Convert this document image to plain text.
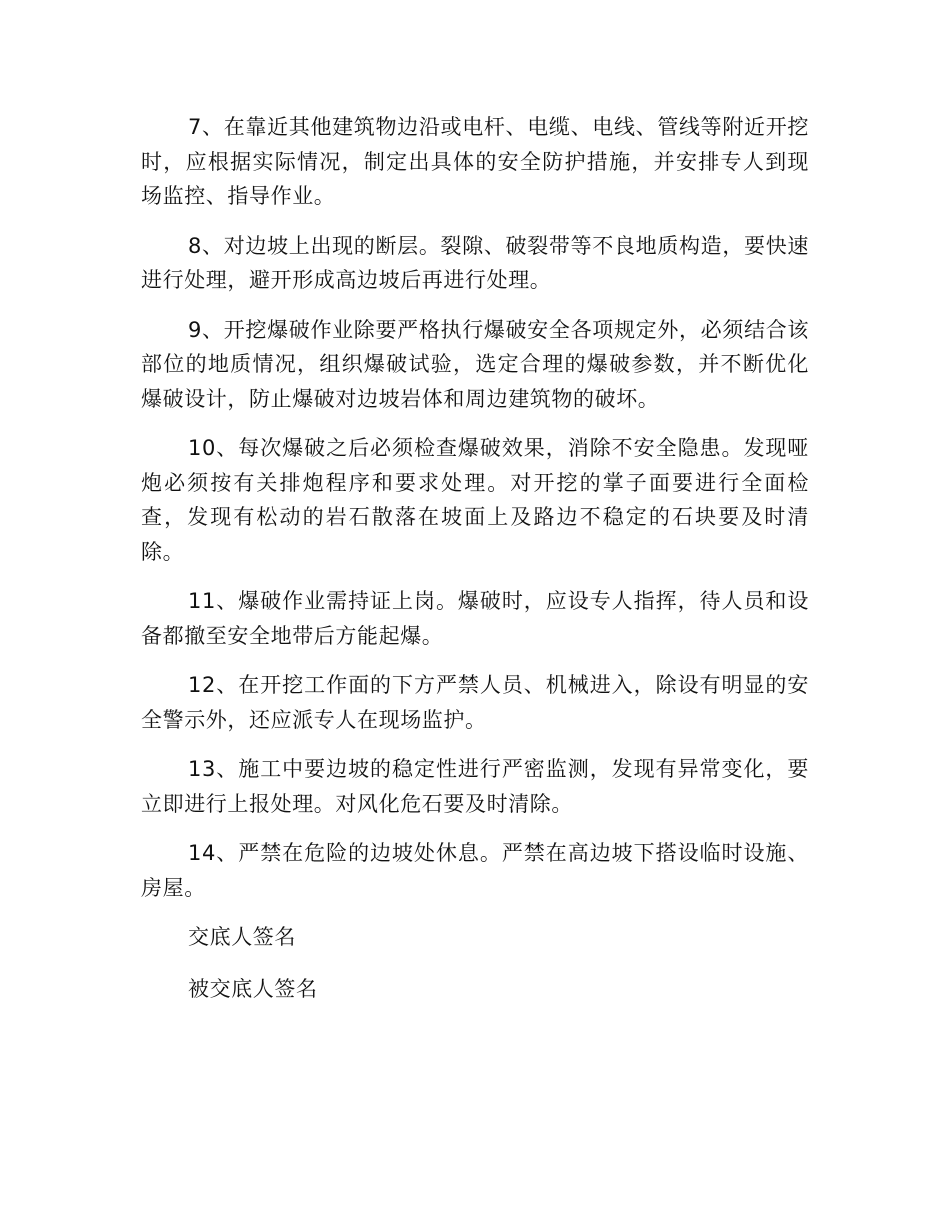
7、在靠近其他建筑物边沿或电杆、电缆、电线、管线等附近开挖时，应根据实际情况，制定出具体的安全防护措施，并安排专人到现场监控、指导作业。

8、对边坡上出现的断层。裂隙、破裂带等不良地质构造，要快速进行处理，避开形成高边坡后再进行处理。

9、开挖爆破作业除要严格执行爆破安全各项规定外，必须结合该部位的地质情况，组织爆破试验，选定合理的爆破参数，并不断优化爆破设计，防止爆破对边坡岩体和周边建筑物的破坏。

10、每次爆破之后必须检查爆破效果，消除不安全隐患。发现哑炮必须按有关排炮程序和要求处理。对开挖的掌子面要进行全面检查，发现有松动的岩石散落在坡面上及路边不稳定的石块要及时清除。

11、爆破作业需持证上岗。爆破时，应设专人指挥，待人员和设备都撤至安全地带后方能起爆。

12、在开挖工作面的下方严禁人员、机械进入，除设有明显的安全警示外，还应派专人在现场监护。

13、施工中要边坡的稳定性进行严密监测，发现有异常变化，要立即进行上报处理。对风化危石要及时清除。

14、严禁在危险的边坡处休息。严禁在高边坡下搭设临时设施、房屋。

交底人签名

被交底人签名
